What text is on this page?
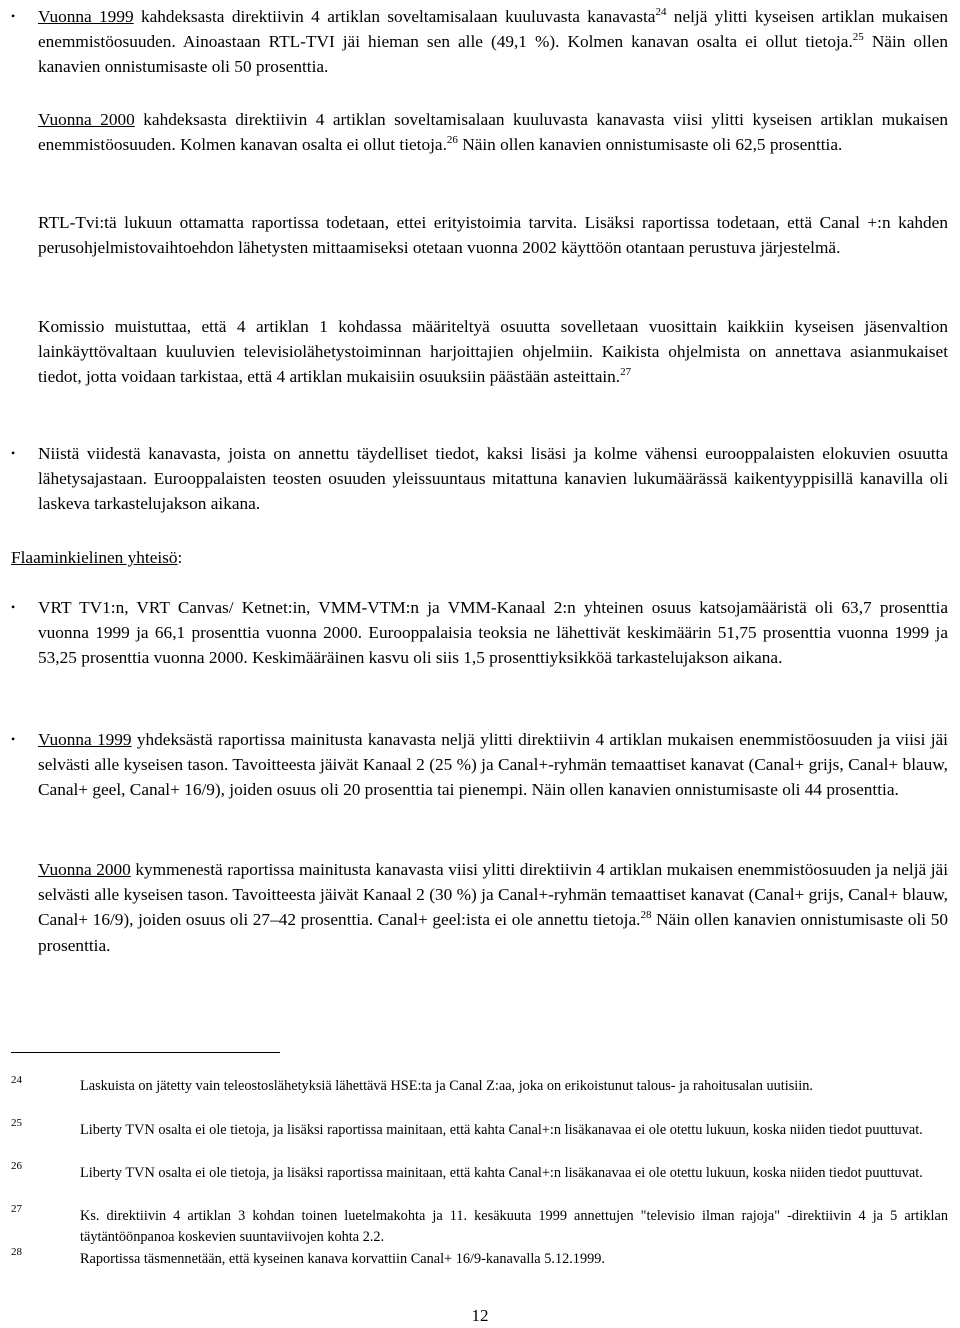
•
•
•
•
Vuonna 1999 kahdeksasta direktiivin 4 artiklan soveltamisalaan kuuluvasta kanavasta$^{24}$ neljä ylitti kyseisen artiklan mukaisen enemmistöosuuden. Ainoastaan RTL-TVI jäi hieman sen alle (49,1 %). Kolmen kanavan osalta ei ollut tietoja.$^{25}$ Näin ollen kanavien onnistumisaste oli 50 prosenttia.
Vuonna 2000 kahdeksasta direktiivin 4 artiklan soveltamisalaan kuuluvasta kanavasta viisi ylitti kyseisen artiklan mukaisen enemmistöosuuden. Kolmen kanavan osalta ei ollut tietoja.$^{26}$ Näin ollen kanavien onnistumisaste oli 62,5 prosenttia.
RTL-Tvi:tä lukuun ottamatta raportissa todetaan, ettei erityistoimia tarvita. Lisäksi raportissa todetaan, että Canal +:n kahden perusohjelmistovaihtoehdon lähetysten mittaamiseksi otetaan vuonna 2002 käyttöön otantaan perustuva järjestelmä.
Komissio muistuttaa, että 4 artiklan 1 kohdassa määriteltyä osuutta sovelletaan vuosittain kaikkiin kyseisen jäsenvaltion lainkäyttövaltaan kuuluvien televisiolähetystoiminnan harjoittajien ohjelmiin. Kaikista ohjelmista on annettava asianmukaiset tiedot, jotta voidaan tarkistaa, että 4 artiklan mukaisiin osuuksiin päästään asteittain.$^{27}$
Niistä viidestä kanavasta, joista on annettu täydelliset tiedot, kaksi lisäsi ja kolme vähensi eurooppalaisten elokuvien osuutta lähetysajastaan. Eurooppalaisten teosten osuuden yleissuuntaus mitattuna kanavien lukumäärässä kaikentyyppisillä kanavilla oli laskeva tarkastelujakson aikana.
Flaaminkielinen yhteisö:
VRT TV1:n, VRT Canvas/ Ketnet:in, VMM-VTM:n ja VMM-Kanaal 2:n yhteinen osuus katsojamääristä oli 63,7 prosenttia vuonna 1999 ja 66,1 prosenttia vuonna 2000. Eurooppalaisia teoksia ne lähettivät keskimäärin 51,75 prosenttia vuonna 1999 ja 53,25 prosenttia vuonna 2000. Keskimääräinen kasvu oli siis 1,5 prosenttiyksikköä tarkastelujakson aikana.
Vuonna 1999 yhdeksästä raportissa mainitusta kanavasta neljä ylitti direktiivin 4 artiklan mukaisen enemmistöosuuden ja viisi jäi selvästi alle kyseisen tason. Tavoitteesta jäivät Kanaal 2 (25 %) ja Canal+-ryhmän temaattiset kanavat (Canal+ grijs, Canal+ blauw, Canal+ geel, Canal+ 16/9), joiden osuus oli 20 prosenttia tai pienempi. Näin ollen kanavien onnistumisaste oli 44 prosenttia.
Vuonna 2000 kymmenestä raportissa mainitusta kanavasta viisi ylitti direktiivin 4 artiklan mukaisen enemmistöosuuden ja neljä jäi selvästi alle kyseisen tason. Tavoitteesta jäivät Kanaal 2 (30 %) ja Canal+-ryhmän temaattiset kanavat (Canal+ grijs, Canal+ blauw, Canal+ 16/9), joiden osuus oli 27–42 prosenttia. Canal+ geel:ista ei ole annettu tietoja.$^{28}$ Näin ollen kanavien onnistumisaste oli 50 prosenttia.
24	Laskuista on jätetty vain teleostoslähetyksiä lähettävä HSE:ta ja Canal Z:aa, joka on erikoistunut talous- ja rahoitusalan uutisiin.
25	Liberty TVN osalta ei ole tietoja, ja lisäksi raportissa mainitaan, että kahta Canal+:n lisäkanavaa ei ole otettu lukuun, koska niiden tiedot puuttuvat.
26	Liberty TVN osalta ei ole tietoja, ja lisäksi raportissa mainitaan, että kahta Canal+:n lisäkanavaa ei ole otettu lukuun, koska niiden tiedot puuttuvat.
27	Ks. direktiivin 4 artiklan 3 kohdan toinen luetelmakohta ja 11. kesäkuuta 1999 annettujen "televisio ilman rajoja" -direktiivin 4 ja 5 artiklan täytäntöönpanoa koskevien suuntaviivojen kohta 2.2.
28	Raportissa täsmennetään, että kyseinen kanava korvattiin Canal+ 16/9-kanavalla 5.12.1999.
12
